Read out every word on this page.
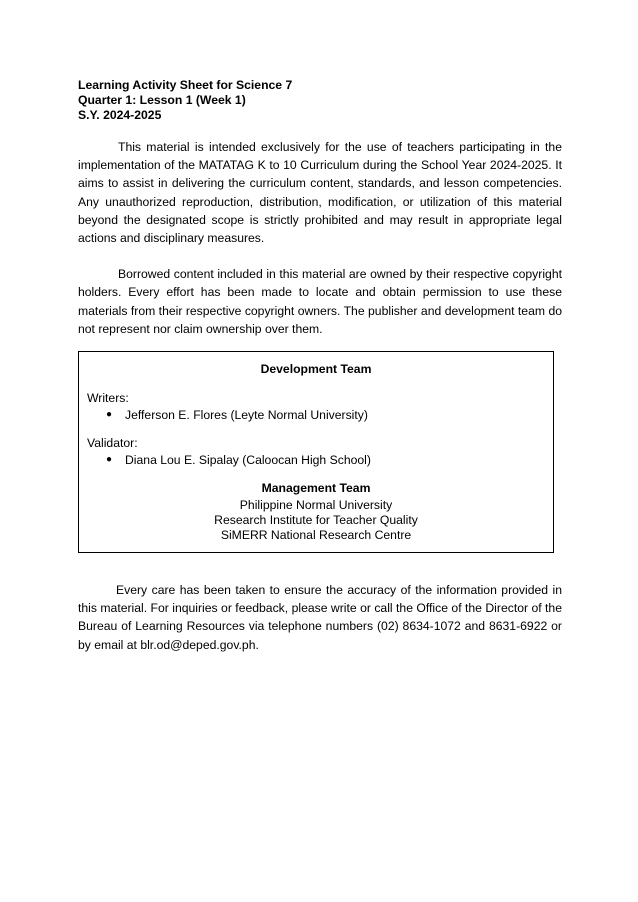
Learning Activity Sheet for Science 7

Quarter 1: Lesson 1 (Week 1)

S.Y. 2024-2025

This material is intended exclusively for the use of teachers participating in the implementation of the MATATAG K to 10 Curriculum during the School Year 2024-2025. It aims to assist in delivering the curriculum content, standards, and lesson competencies. Any unauthorized reproduction, distribution, modification, or utilization of this material beyond the designated scope is strictly prohibited and may result in appropriate legal actions and disciplinary measures.

Borrowed content included in this material are owned by their respective copyright holders. Every effort has been made to locate and obtain permission to use these materials from their respective copyright owners. The publisher and development team do not represent nor claim ownership over them.

Development Team

Writers:

● Jefferson E. Flores (Leyte Normal University)

Validator:

● Diana Lou E. Sipalay (Caloocan High School)

Management Team

Philippine Normal University

Research Institute for Teacher Quality

SiMERR National Research Centre

Every care has been taken to ensure the accuracy of the information provided in this material. For inquiries or feedback, please write or call the Office of the Director of the Bureau of Learning Resources via telephone numbers (02) 8634-1072 and 8631-6922 or by email at blr.od@deped.gov.ph.
